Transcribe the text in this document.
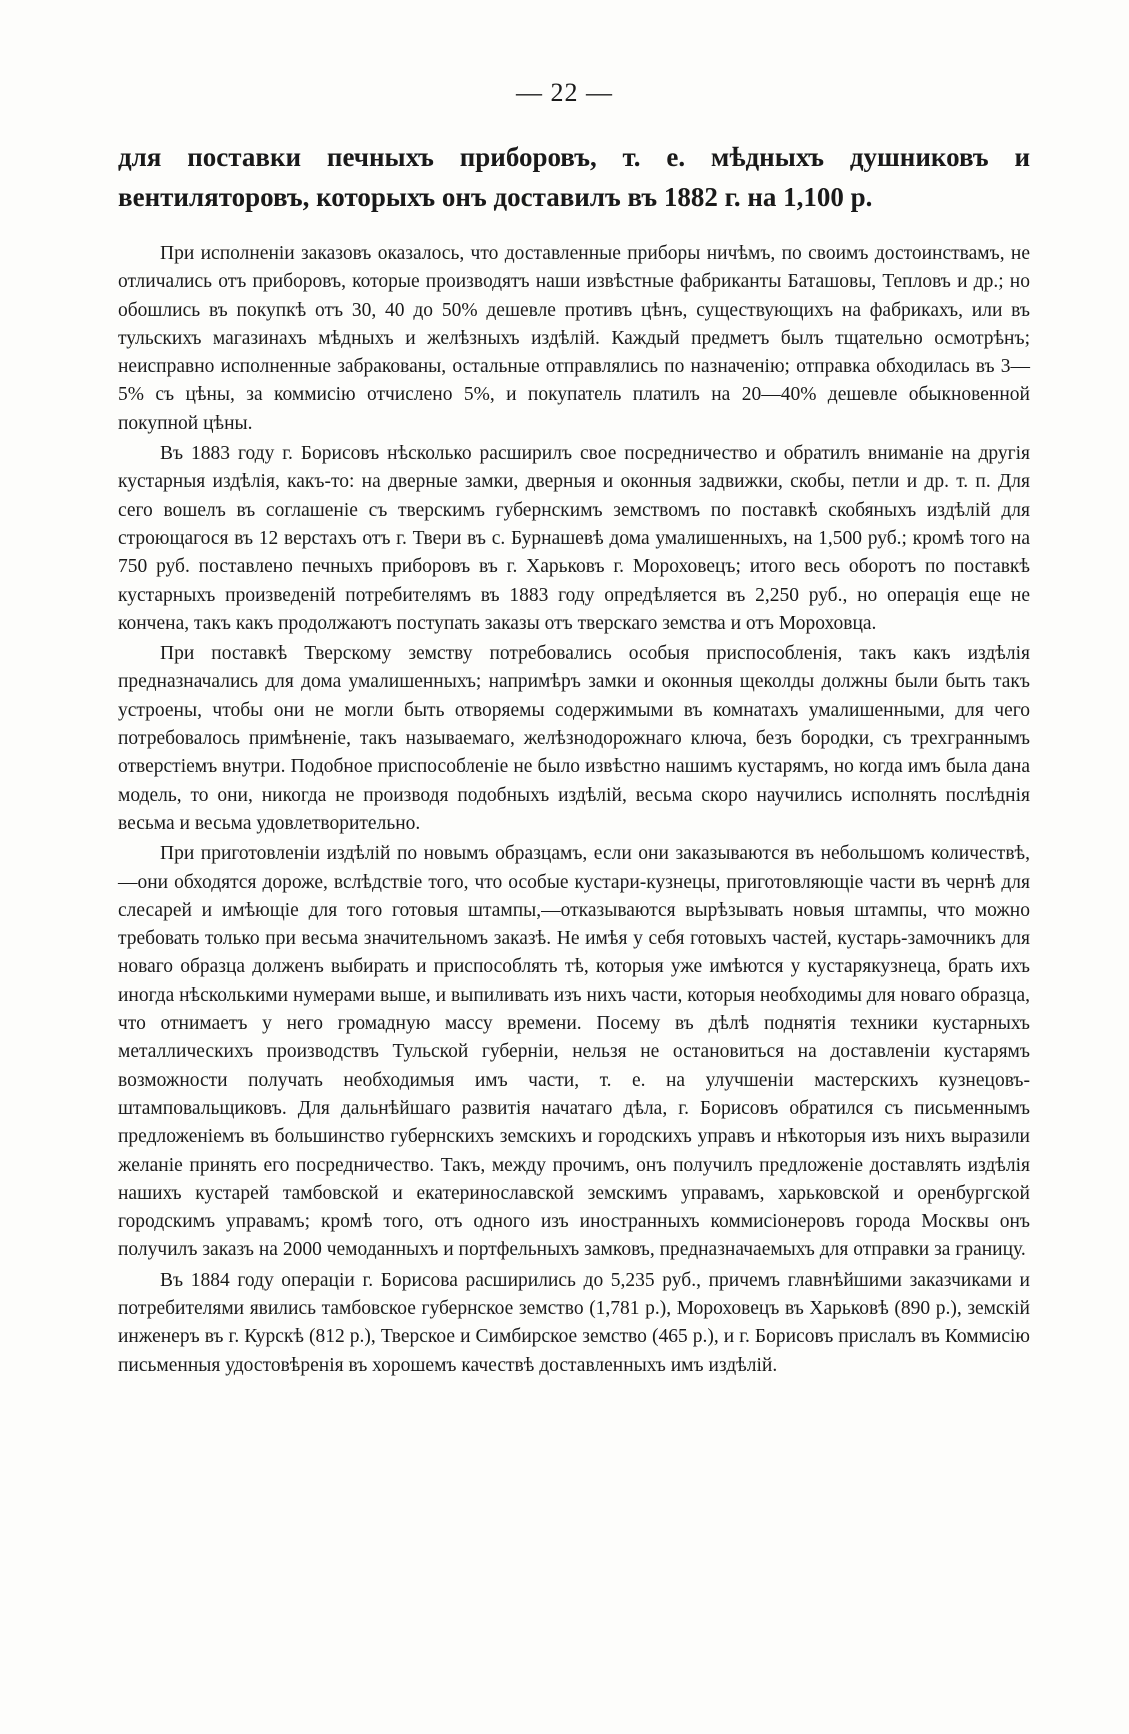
— 22 —
для поставки печныхъ приборовъ, т. е. мѣдныхъ душниковъ и вентиляторовъ, которыхъ онъ доставилъ въ 1882 г. на 1,100 р.

При исполненіи заказовъ оказалось, что доставленные приборы ничѣмъ, по своимъ достоинствамъ, не отличались отъ приборовъ, которые производятъ наши извѣстные фабриканты Баташовы, Тепловъ и др.; но обошлись въ покупкѣ отъ 30, 40 до 50% дешевле противъ цѣнъ, существующихъ на фабрикахъ, или въ тульскихъ магазинахъ мѣдныхъ и желѣзныхъ издѣлій. Каждый предметъ былъ тщательно осмотрѣнъ; неисправно исполненные забракованы, остальные отправлялись по назначенію; отправка обходилась въ 3—5% съ цѣны, за коммисію отчислено 5%, и покупатель платилъ на 20—40% дешевле обыкновенной покупной цѣны.

Въ 1883 году г. Борисовъ нѣсколько расширилъ свое посредничество и обратилъ вниманіе на другія кустарныя издѣлія, какъ-то: на дверные замки, дверныя и оконныя задвижки, скобы, петли и др. т. п. Для сего вошелъ въ соглашеніе съ тверскимъ губернскимъ земствомъ по поставкѣ скобяныхъ издѣлій для строющагося въ 12 верстахъ отъ г. Твери въ с. Бурнашевѣ дома умалишенныхъ, на 1,500 руб.; кромѣ того на 750 руб. поставлено печныхъ приборовъ въ г. Харьковъ г. Мороховецъ; итого весь оборотъ по поставкѣ кустарныхъ произведеній потребителямъ въ 1883 году опредѣляется въ 2,250 руб., но операція еще не кончена, такъ какъ продолжаютъ поступать заказы отъ тверскаго земства и отъ Мороховца.

При поставкѣ Тверскому земству потребовались особыя приспособленія, такъ какъ издѣлія предназначались для дома умалишенныхъ; напримѣръ замки и оконныя щеколды должны были быть такъ устроены, чтобы они не могли быть отворяемы содержимыми въ комнатахъ умалишенными, для чего потребовалось примѣненіе, такъ называемаго, желѣзнодорожнаго ключа, безъ бородки, съ трехграннымъ отверстіемъ внутри. Подобное приспособленіе не было извѣстно нашимъ кустарямъ, но когда имъ была дана модель, то они, никогда не производя подобныхъ издѣлій, весьма скоро научились исполнять послѣднія весьма и весьма удовлетворительно.

При приготовленіи издѣлій по новымъ образцамъ, если они заказываются въ небольшомъ количествѣ,—они обходятся дороже, вслѣдствіе того, что особые кустари-кузнецы, приготовляющіе части въ чернѣ для слесарей и имѣющіе для того готовыя штампы,—отказываются вырѣзывать новыя штампы, что можно требовать только при весьма значительномъ заказѣ. Не имѣя у себя готовыхъ частей, кустарь-замочникъ для новаго образца долженъ выбирать и приспособлять тѣ, которыя уже имѣются у кустарякузнеца, брать ихъ иногда нѣсколькими нумерами выше, и выпиливать изъ нихъ части, которыя необходимы для новаго образца, что отнимаетъ у него громадную массу времени. Посему въ дѣлѣ поднятія техники кустарныхъ металлическихъ производствъ Тульской губерніи, нельзя не остановиться на доставленіи кустарямъ возможности получать необходимыя имъ части, т. е. на улучшеніи мастерскихъ кузнецовъ-штамповальщиковъ. Для дальнѣйшаго развитія начатаго дѣла, г. Борисовъ обратился съ письменнымъ предложеніемъ въ большинство губернскихъ земскихъ и городскихъ управъ и нѣкоторыя изъ нихъ выразили желаніе принять его посредничество. Такъ, между прочимъ, онъ получилъ предложеніе доставлять издѣлія нашихъ кустарей тамбовской и екатеринославской земскимъ управамъ, харьковской и оренбургской городскимъ управамъ; кромѣ того, отъ одного изъ иностранныхъ коммисіонеровъ города Москвы онъ получилъ заказъ на 2000 чемоданныхъ и портфельныхъ замковъ, предназначаемыхъ для отправки за границу.

Въ 1884 году операціи г. Борисова расширились до 5,235 руб., причемъ главнѣйшими заказчиками и потребителями явились тамбовское губернское земство (1,781 р.), Мороховецъ въ Харьковѣ (890 р.), земскій инженеръ въ г. Курскѣ (812 р.), Тверское и Симбирское земство (465 р.), и г. Борисовъ прислалъ въ Коммисію письменныя удостовѣренія въ хорошемъ качествѣ доставленныхъ имъ издѣлій.
